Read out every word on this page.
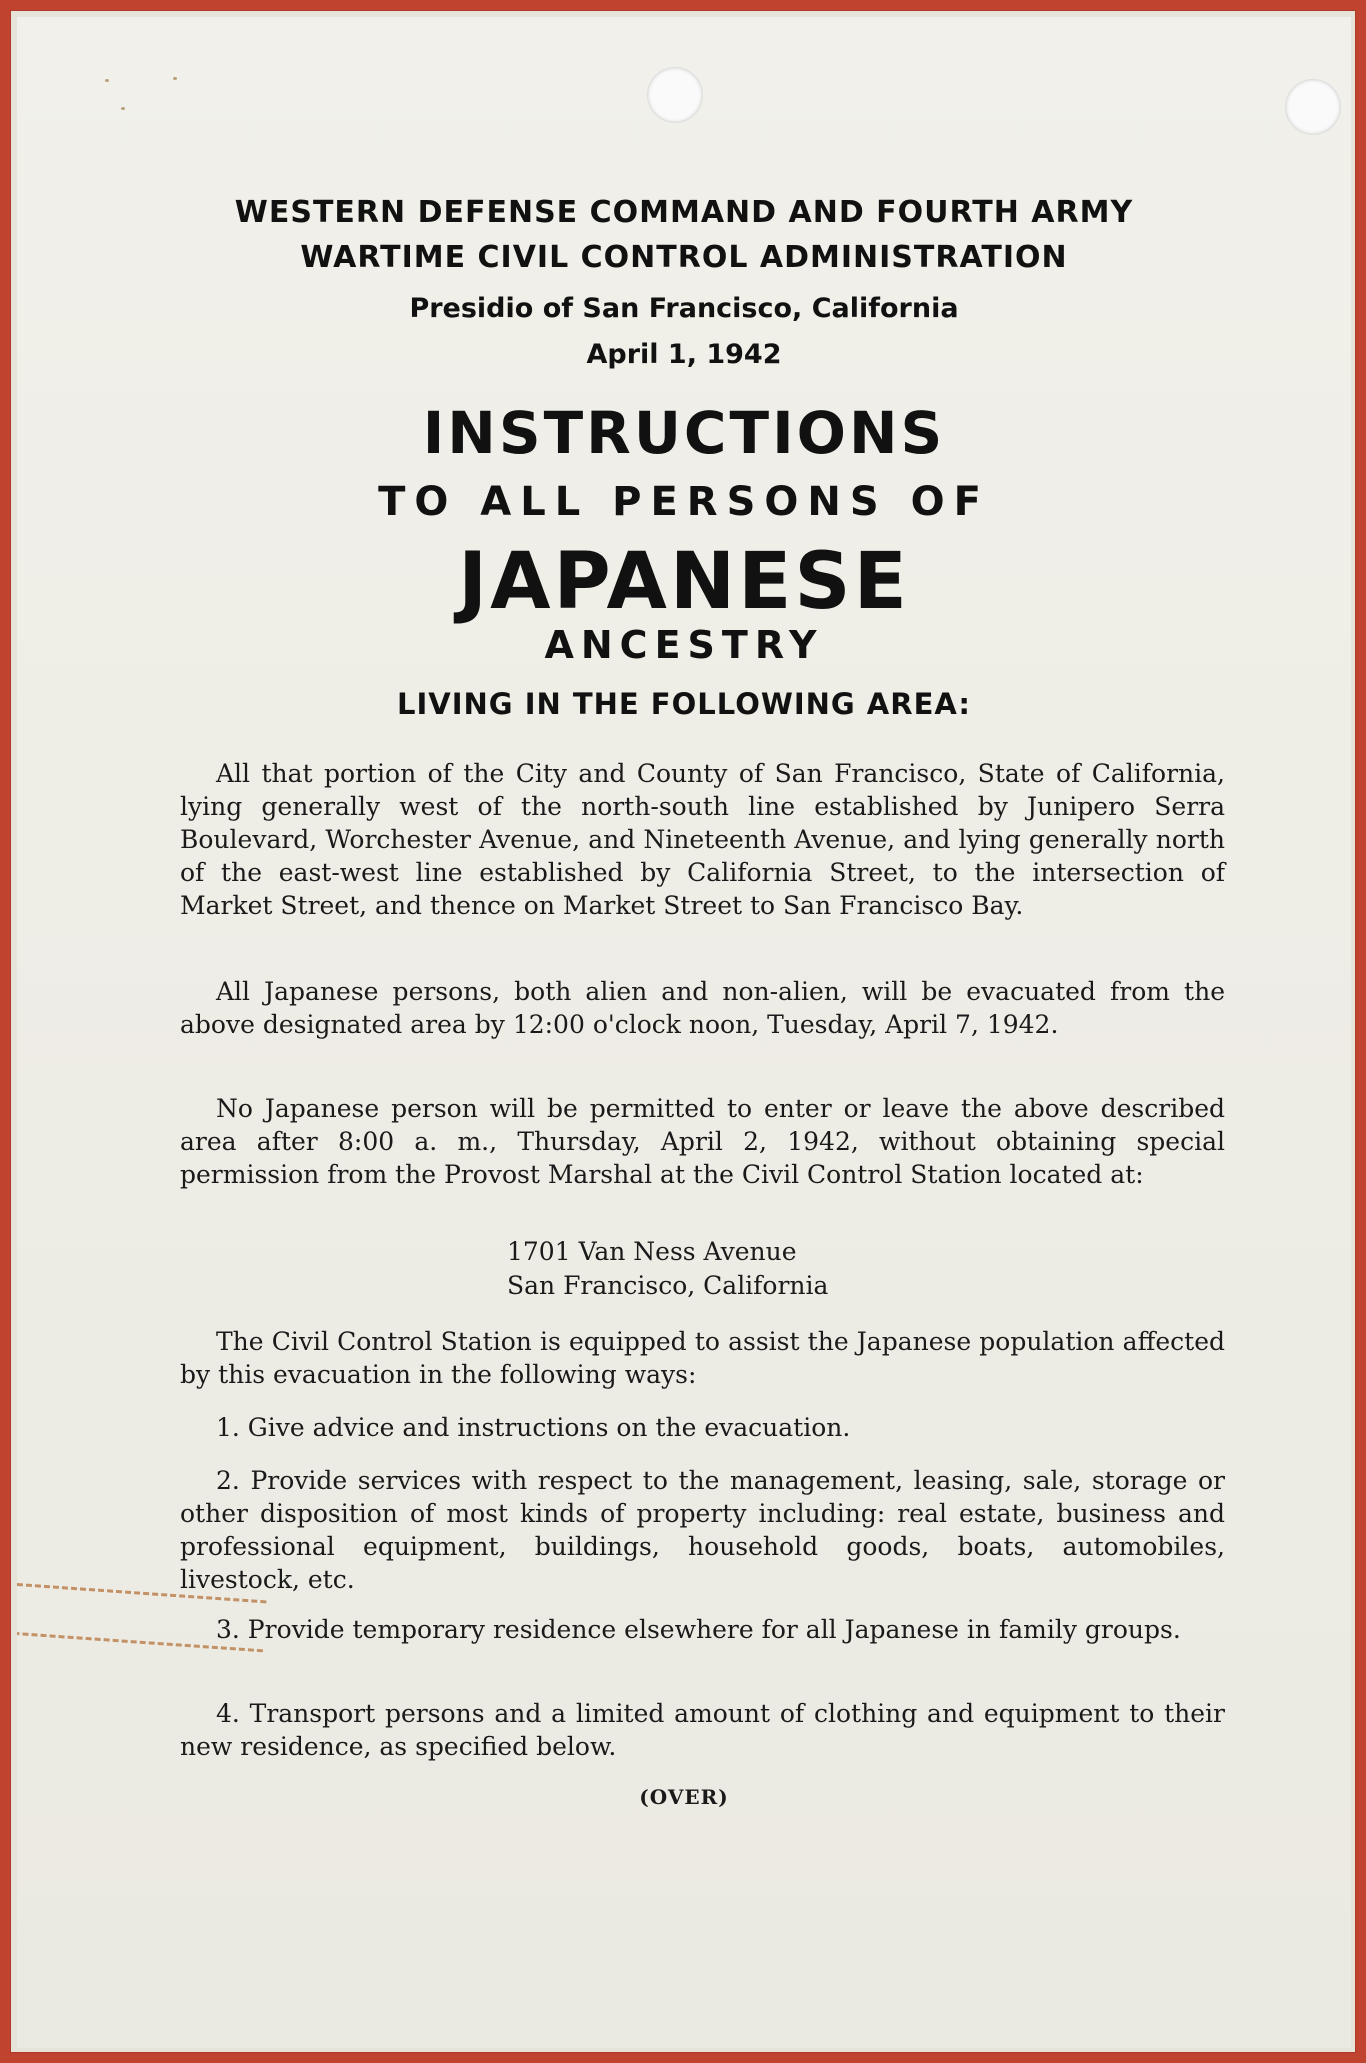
WESTERN DEFENSE COMMAND AND FOURTH ARMY
WARTIME CIVIL CONTROL ADMINISTRATION
Presidio of San Francisco, California
April 1, 1942
INSTRUCTIONS
TO ALL PERSONS OF
JAPANESE
ANCESTRY
LIVING IN THE FOLLOWING AREA:

All that portion of the City and County of San Francisco, State of California, lying generally west of the north-south line established by Junipero Serra Boulevard, Worchester Avenue, and Nineteenth Avenue, and lying generally north of the east-west line established by California Street, to the intersection of Market Street, and thence on Market Street to San Francisco Bay.

All Japanese persons, both alien and non-alien, will be evacuated from the above designated area by 12:00 o'clock noon, Tuesday, April 7, 1942.

No Japanese person will be permitted to enter or leave the above described area after 8:00 a. m., Thursday, April 2, 1942, without obtaining special permission from the Provost Marshal at the Civil Control Station located at:

1701 Van Ness Avenue
San Francisco, California

The Civil Control Station is equipped to assist the Japanese population affected by this evacuation in the following ways:

1. Give advice and instructions on the evacuation.

2. Provide services with respect to the management, leasing, sale, storage or other disposition of most kinds of property including: real estate, business and professional equipment, buildings, household goods, boats, automobiles, livestock, etc.

3. Provide temporary residence elsewhere for all Japanese in family groups.

4. Transport persons and a limited amount of clothing and equipment to their new residence, as specified below.

(OVER)
